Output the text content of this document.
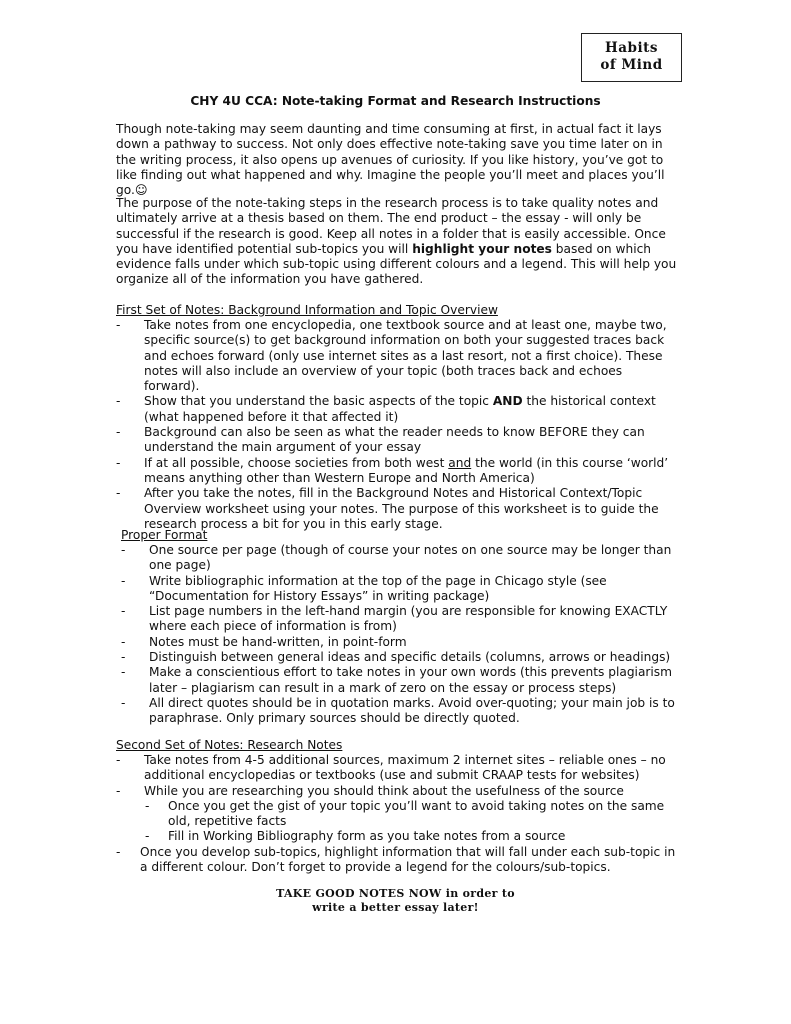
Habits
of Mind
CHY 4U CCA: Note-taking Format and Research Instructions

Though note-taking may seem daunting and time consuming at first, in actual fact it lays down a pathway to success. Not only does effective note-taking save you time later on in the writing process, it also opens up avenues of curiosity. If you like history, you’ve got to like finding out what happened and why. Imagine the people you’ll meet and places you’ll go.☺

The purpose of the note-taking steps in the research process is to take quality notes and ultimately arrive at a thesis based on them. The end product – the essay - will only be successful if the research is good. Keep all notes in a folder that is easily accessible. Once you have identified potential sub-topics you will highlight your notes based on which evidence falls under which sub-topic using different colours and a legend. This will help you organize all of the information you have gathered.

First Set of Notes: Background Information and Topic Overview

- Take notes from one encyclopedia, one textbook source and at least one, maybe two, specific source(s) to get background information on both your suggested traces back and echoes forward (only use internet sites as a last resort, not a first choice). These notes will also include an overview of your topic (both traces back and echoes forward).
- Show that you understand the basic aspects of the topic AND the historical context (what happened before it that affected it)
- Background can also be seen as what the reader needs to know BEFORE they can understand the main argument of your essay
- If at all possible, choose societies from both west and the world (in this course ‘world’ means anything other than Western Europe and North America)
- After you take the notes, fill in the Background Notes and Historical Context/Topic Overview worksheet using your notes. The purpose of this worksheet is to guide the research process a bit for you in this early stage.

Proper Format

- One source per page (though of course your notes on one source may be longer than one page)
- Write bibliographic information at the top of the page in Chicago style (see “Documentation for History Essays” in writing package)
- List page numbers in the left-hand margin (you are responsible for knowing EXACTLY where each piece of information is from)
- Notes must be hand-written, in point-form
- Distinguish between general ideas and specific details (columns, arrows or headings)
- Make a conscientious effort to take notes in your own words (this prevents plagiarism later – plagiarism can result in a mark of zero on the essay or process steps)
- All direct quotes should be in quotation marks. Avoid over-quoting; your main job is to paraphrase. Only primary sources should be directly quoted.

Second Set of Notes: Research Notes

- Take notes from 4-5 additional sources, maximum 2 internet sites – reliable ones – no additional encyclopedias or textbooks (use and submit CRAAP tests for websites)
- While you are researching you should think about the usefulness of the source
- Once you get the gist of your topic you’ll want to avoid taking notes on the same old, repetitive facts
- Fill in Working Bibliography form as you take notes from a source
- Once you develop sub-topics, highlight information that will fall under each sub-topic in a different colour. Don’t forget to provide a legend for the colours/sub-topics.
TAKE GOOD NOTES NOW in order to
write a better essay later!
